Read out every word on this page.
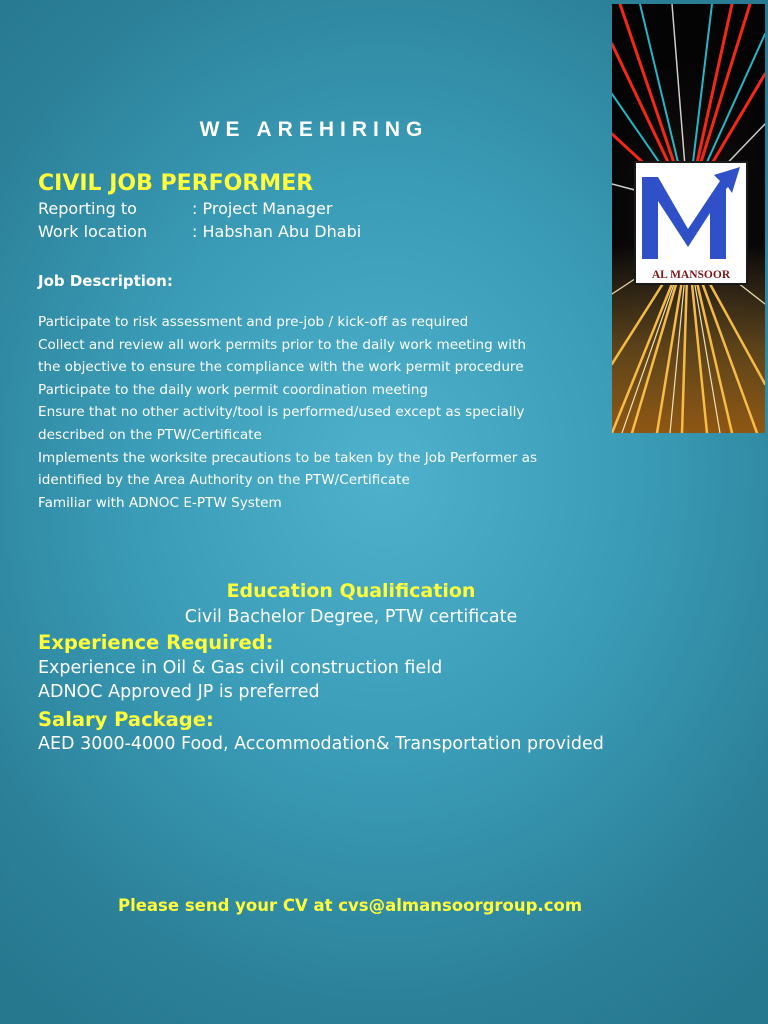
WE AREHIRING
CIVIL JOB PERFORMER
Reporting to	: Project Manager
Work location	: Habshan Abu Dhabi
Job Description:
Participate to risk assessment and pre-job / kick-off as required
Collect and review all work permits prior to the daily work meeting with
the objective to ensure the compliance with the work permit procedure
Participate to the daily work permit coordination meeting
Ensure that no other activity/tool is performed/used except as specially
described on the PTW/Certificate
Implements the worksite precautions to be taken by the Job Performer as
identified by the Area Authority on the PTW/Certificate
Familiar with ADNOC E-PTW System
Education Qualification
Civil Bachelor Degree, PTW certificate
Experience Required:
Experience in Oil & Gas civil construction field
ADNOC Approved JP is preferred
Salary Package:
AED 3000-4000 Food, Accommodation& Transportation provided
Please send your CV at cvs@almansoorgroup.com
AL MANSOOR
